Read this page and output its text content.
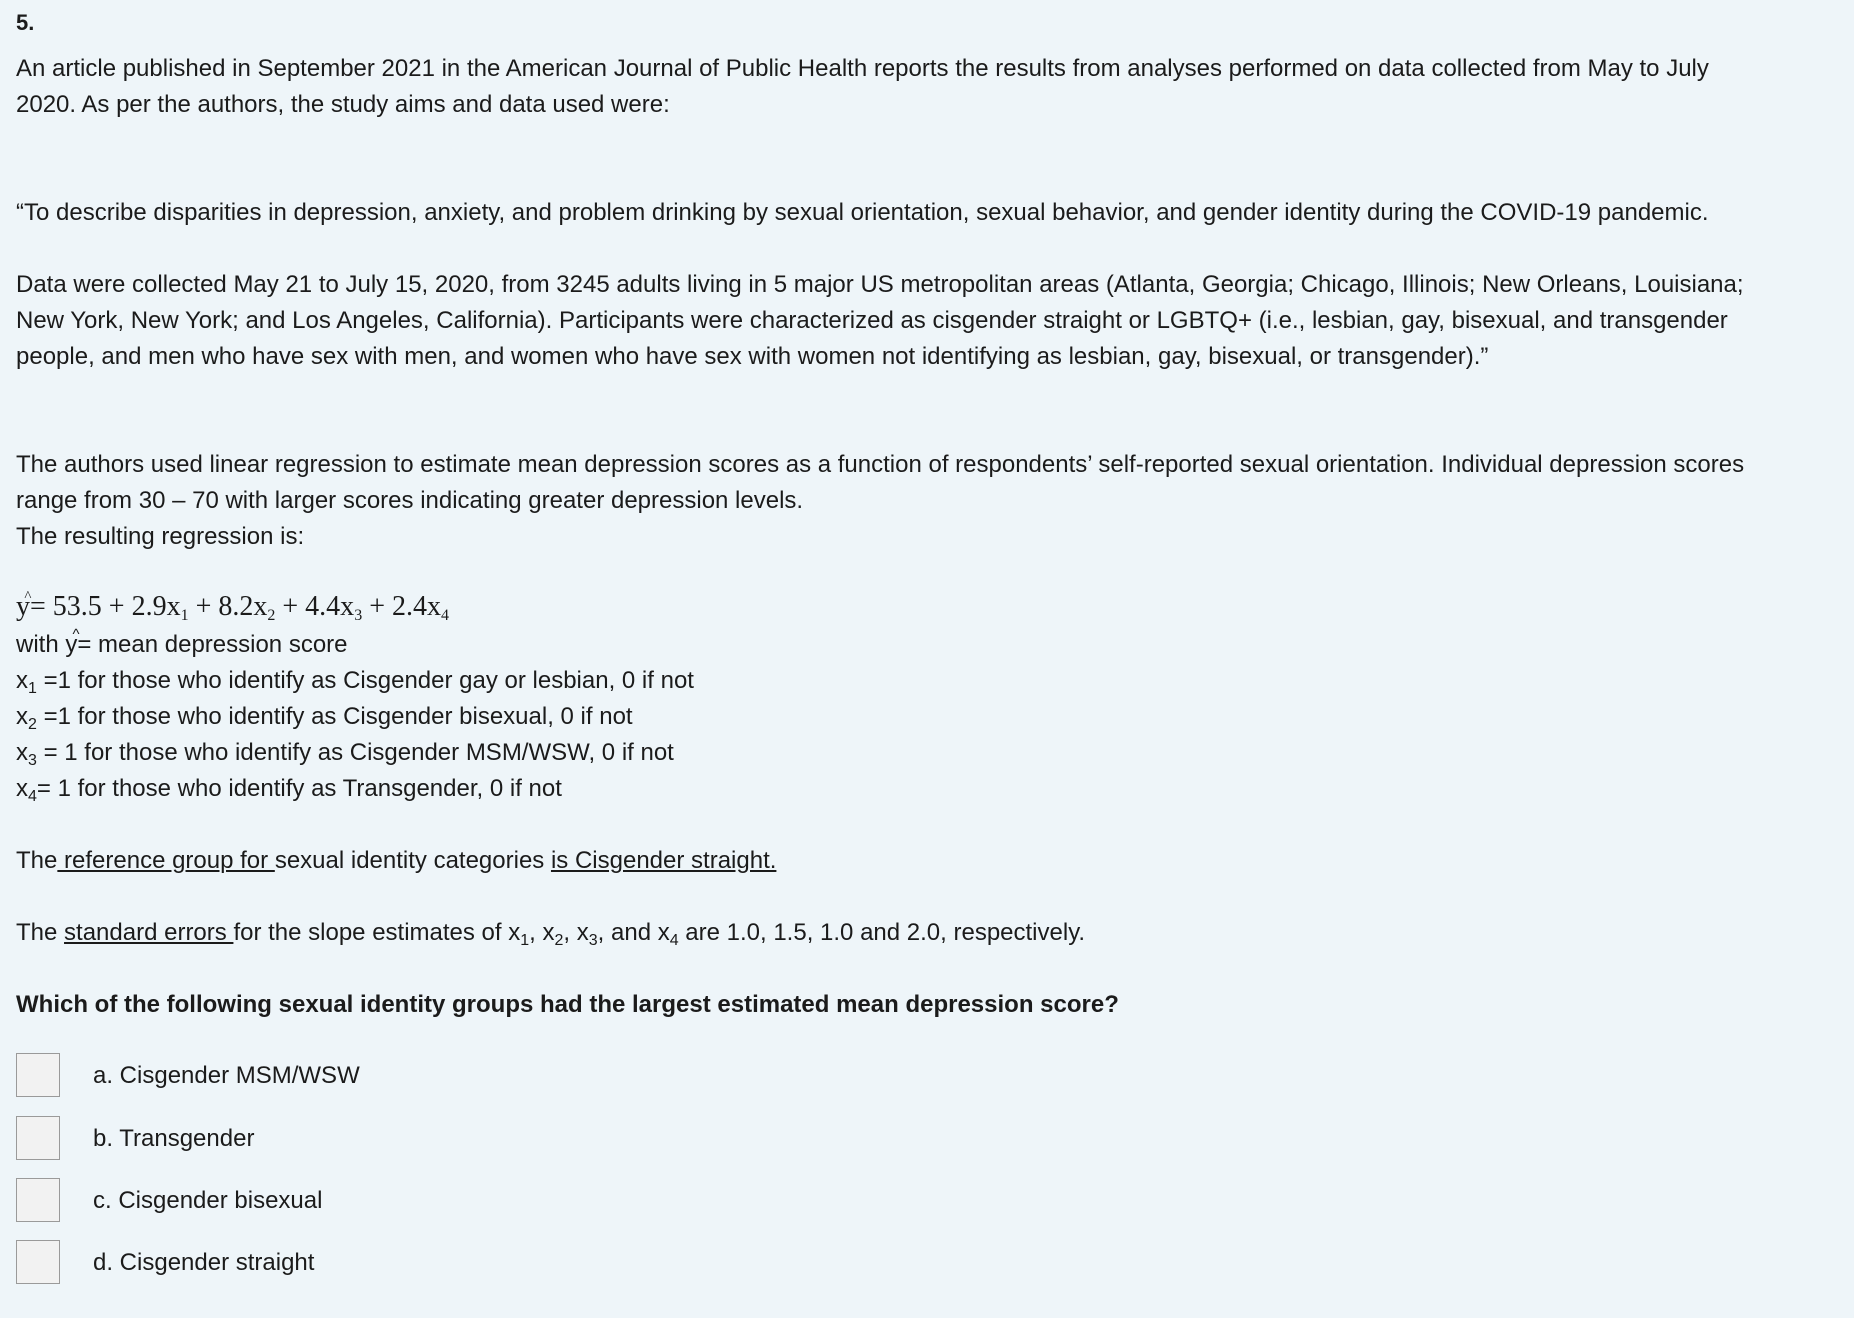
5.
An article published in September 2021 in the American Journal of Public Health reports the results from analyses performed on data collected from May to July
2020. As per the authors, the study aims and data used were:
“To describe disparities in depression, anxiety, and problem drinking by sexual orientation, sexual behavior, and gender identity during the COVID-19 pandemic.
Data were collected May 21 to July 15, 2020, from 3245 adults living in 5 major US metropolitan areas (Atlanta, Georgia; Chicago, Illinois; New Orleans, Louisiana;
New York, New York; and Los Angeles, California). Participants were characterized as cisgender straight or LGBTQ+ (i.e., lesbian, gay, bisexual, and transgender
people, and men who have sex with men, and women who have sex with women not identifying as lesbian, gay, bisexual, or transgender).”
The authors used linear regression to estimate mean depression scores as a function of respondents’ self-reported sexual orientation. Individual depression scores
range from 30 – 70 with larger scores indicating greater depression levels.
The resulting regression is:
y ^= $53.5 + 2.9x_1 + 8.2x_2 + 4.4x_3 + 2.4x_4$
with y ^= mean depression score
$x_1 =1$ for those who identify as Cisgender gay or lesbian, 0 if not
$x_2 =1$ for those who identify as Cisgender bisexual, 0 if not
$x_3 = 1$ for those who identify as Cisgender MSM/WSW, 0 if not
$x_4= 1$ for those who identify as Transgender, 0 if not
The reference group for sexual identity categories is Cisgender straight.
The standard errors for the slope estimates of $x_1$, $x_2$, $x_3$, and $x_4$ are 1.0, 1.5, 1.0 and 2.0, respectively.
Which of the following sexual identity groups had the largest estimated mean depression score?
a. Cisgender MSM/WSW
b. Transgender
c. Cisgender bisexual
d. Cisgender straight
